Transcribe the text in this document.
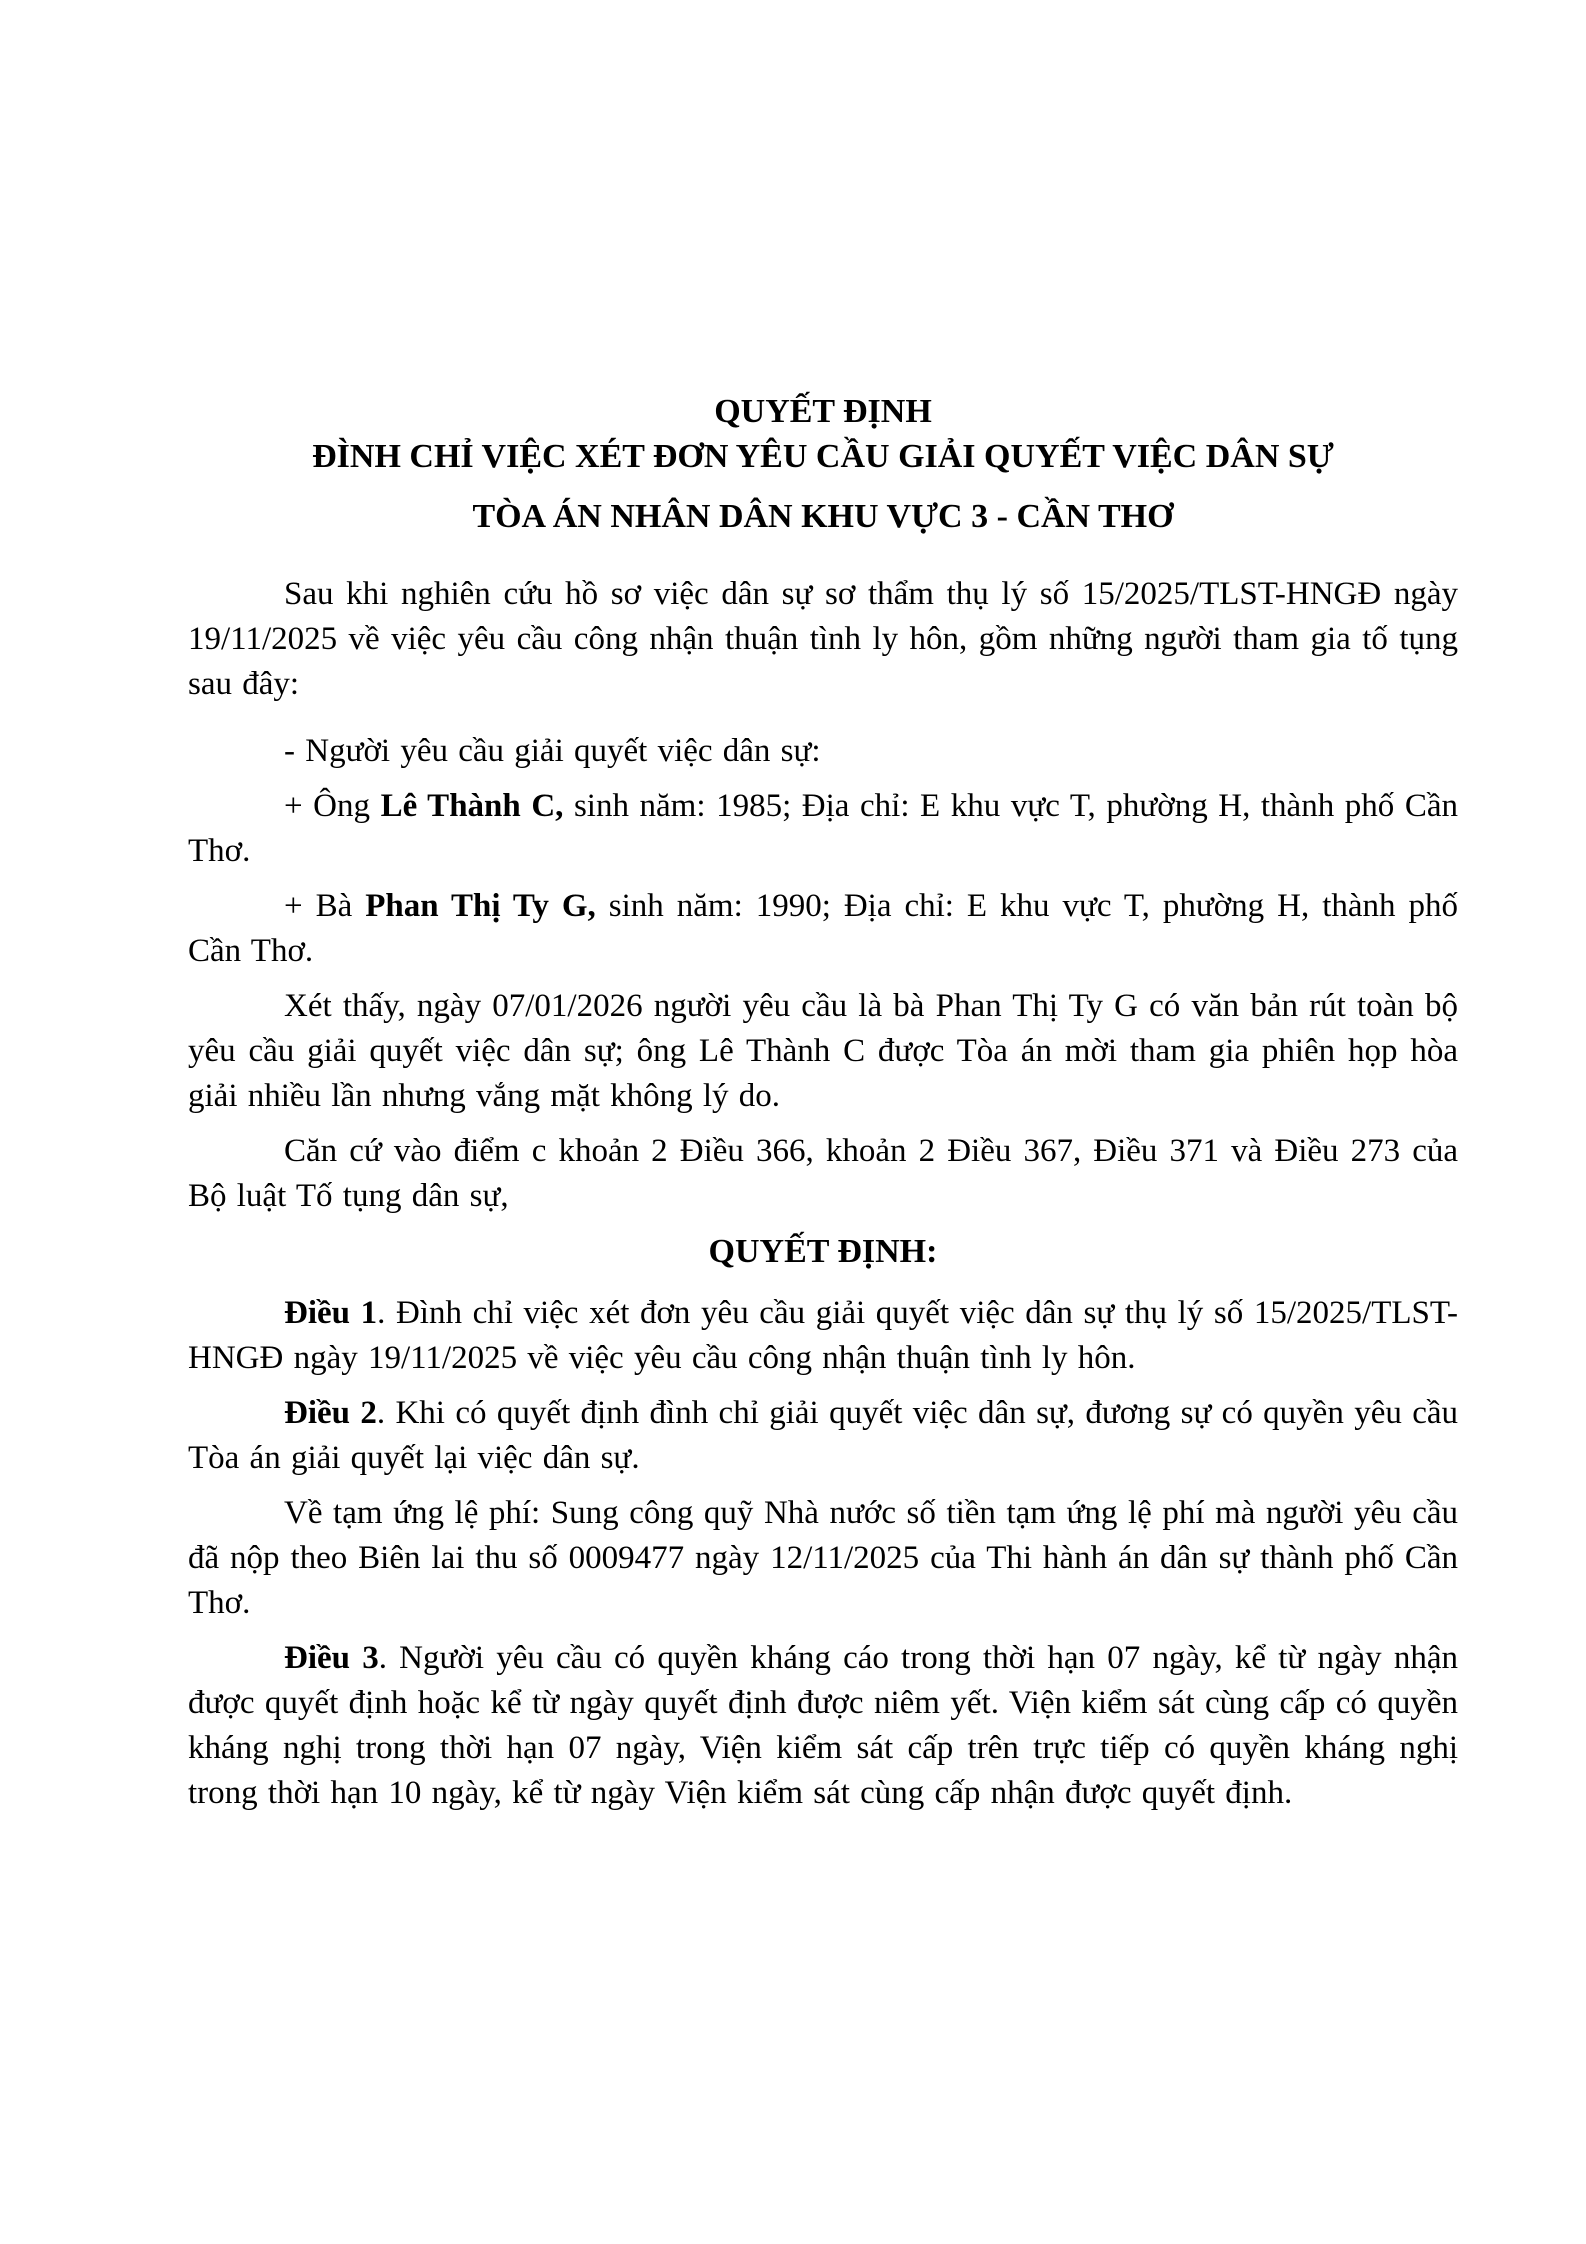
QUYẾT ĐỊNH

ĐÌNH CHỈ VIỆC XÉT ĐƠN YÊU CẦU GIẢI QUYẾT VIỆC DÂN SỰ

TÒA ÁN NHÂN DÂN KHU VỰC 3 - CẦN THƠ

Sau khi nghiên cứu hồ sơ việc dân sự sơ thẩm thụ lý số 15/2025/TLST-HNGĐ ngày 19/11/2025 về việc yêu cầu công nhận thuận tình ly hôn, gồm những người tham gia tố tụng sau đây:

- Người yêu cầu giải quyết việc dân sự:

+ Ông Lê Thành C, sinh năm: 1985; Địa chỉ: E khu vực T, phường H, thành phố Cần Thơ.

+ Bà Phan Thị Ty G, sinh năm: 1990; Địa chỉ: E khu vực T, phường H, thành phố Cần Thơ.

Xét thấy, ngày 07/01/2026 người yêu cầu là bà Phan Thị Ty G có văn bản rút toàn bộ yêu cầu giải quyết việc dân sự; ông Lê Thành C được Tòa án mời tham gia phiên họp hòa giải nhiều lần nhưng vắng mặt không lý do.

Căn cứ vào điểm c khoản 2 Điều 366, khoản 2 Điều 367, Điều 371 và Điều 273 của Bộ luật Tố tụng dân sự,

QUYẾT ĐỊNH:

Điều 1. Đình chỉ việc xét đơn yêu cầu giải quyết việc dân sự thụ lý số 15/2025/TLST-HNGĐ ngày 19/11/2025 về việc yêu cầu công nhận thuận tình ly hôn.

Điều 2. Khi có quyết định đình chỉ giải quyết việc dân sự, đương sự có quyền yêu cầu Tòa án giải quyết lại việc dân sự.

Về tạm ứng lệ phí: Sung công quỹ Nhà nước số tiền tạm ứng lệ phí mà người yêu cầu đã nộp theo Biên lai thu số 0009477 ngày 12/11/2025 của Thi hành án dân sự thành phố Cần Thơ.

Điều 3. Người yêu cầu có quyền kháng cáo trong thời hạn 07 ngày, kể từ ngày nhận được quyết định hoặc kể từ ngày quyết định được niêm yết. Viện kiểm sát cùng cấp có quyền kháng nghị trong thời hạn 07 ngày, Viện kiểm sát cấp trên trực tiếp có quyền kháng nghị trong thời hạn 10 ngày, kể từ ngày Viện kiểm sát cùng cấp nhận được quyết định.
